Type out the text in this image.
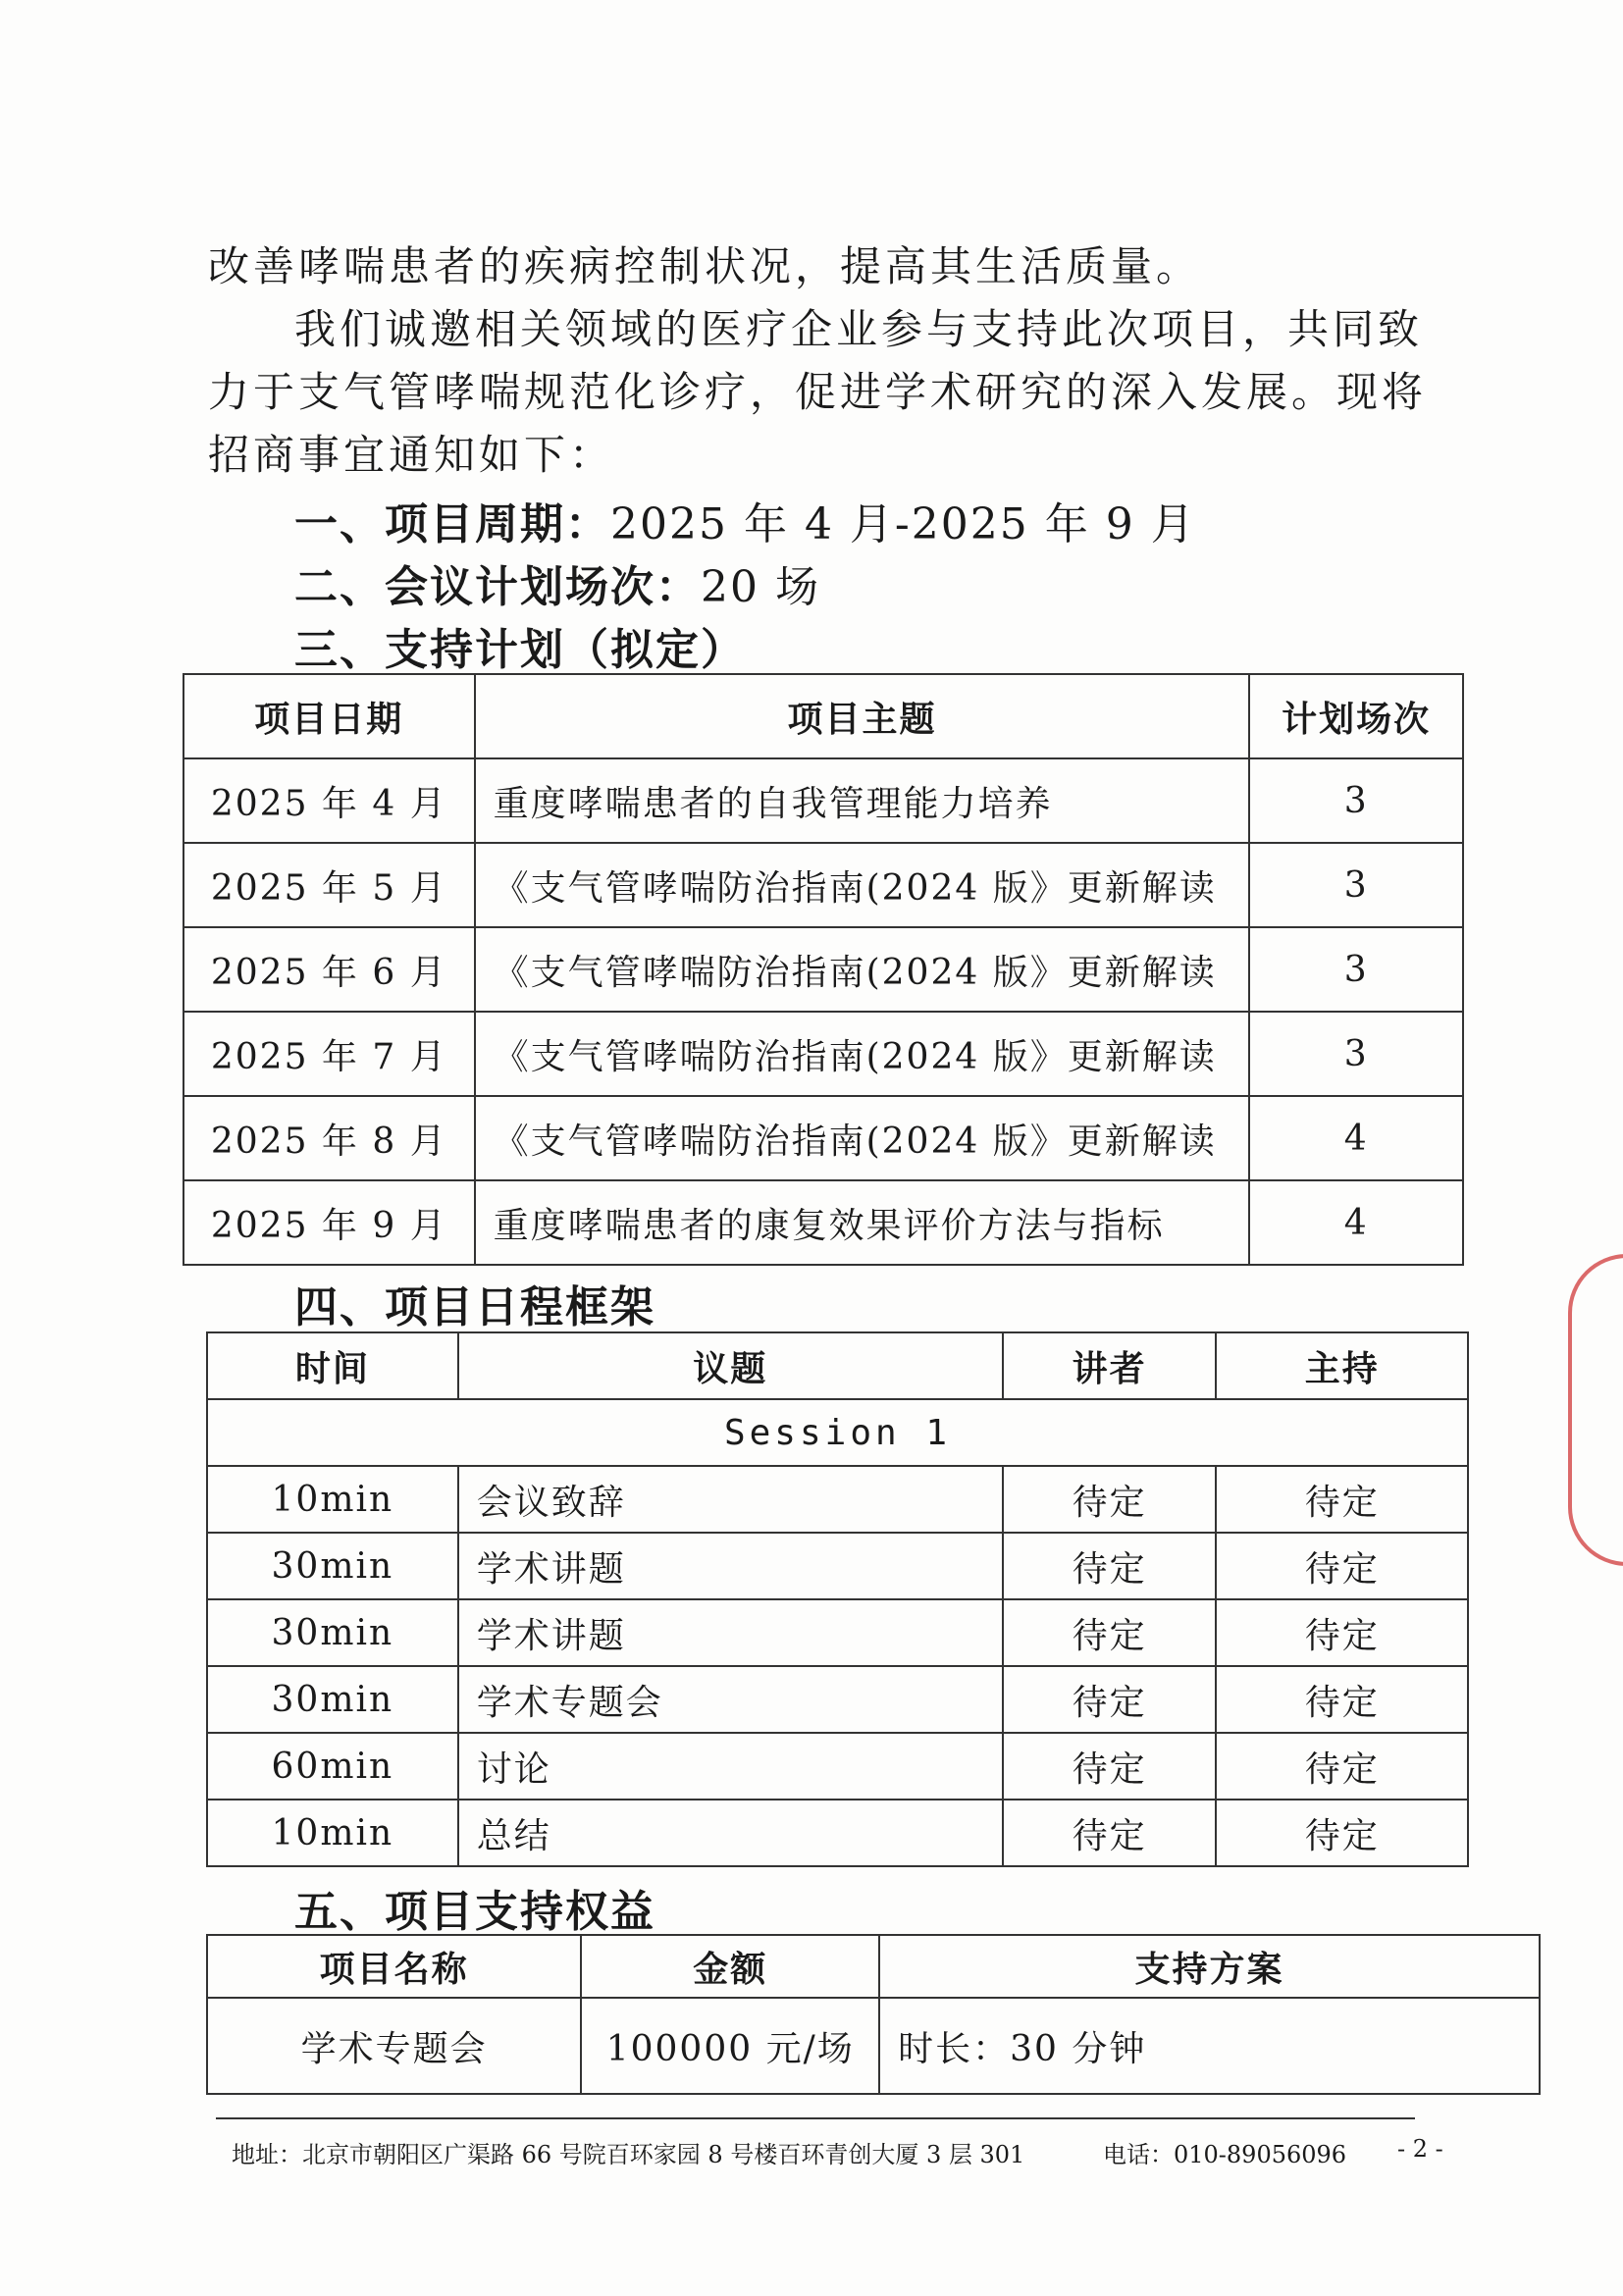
改善哮喘患者的疾病控制状况，提高其生活质量。

我们诚邀相关领域的医疗企业参与支持此次项目，共同致力于支气管哮喘规范化诊疗，促进学术研究的深入发展。现将招商事宜通知如下：

一、项目周期：2025 年 4 月-2025 年 9 月

二、会议计划场次：20 场

三、支持计划（拟定）

项目日期	项目主题	计划场次
2025 年 4 月	重度哮喘患者的自我管理能力培养	3
2025 年 5 月	《支气管哮喘防治指南(2024 版》更新解读	3
2025 年 6 月	《支气管哮喘防治指南(2024 版》更新解读	3
2025 年 7 月	《支气管哮喘防治指南(2024 版》更新解读	3
2025 年 8 月	《支气管哮喘防治指南(2024 版》更新解读	4
2025 年 9 月	重度哮喘患者的康复效果评价方法与指标	4

四、项目日程框架

时间	议题	讲者	主持
Session 1			
10min	会议致辞	待定	待定
30min	学术讲题	待定	待定
30min	学术讲题	待定	待定
30min	学术专题会	待定	待定
60min	讨论	待定	待定
10min	总结	待定	待定

五、项目支持权益

项目名称	金额	支持方案
学术专题会	100000 元/场	时长：30 分钟
地址：北京市朝阳区广渠路 66 号院百环家园 8 号楼百环青创大厦 3 层 301	电话：010-89056096 - 2 -
